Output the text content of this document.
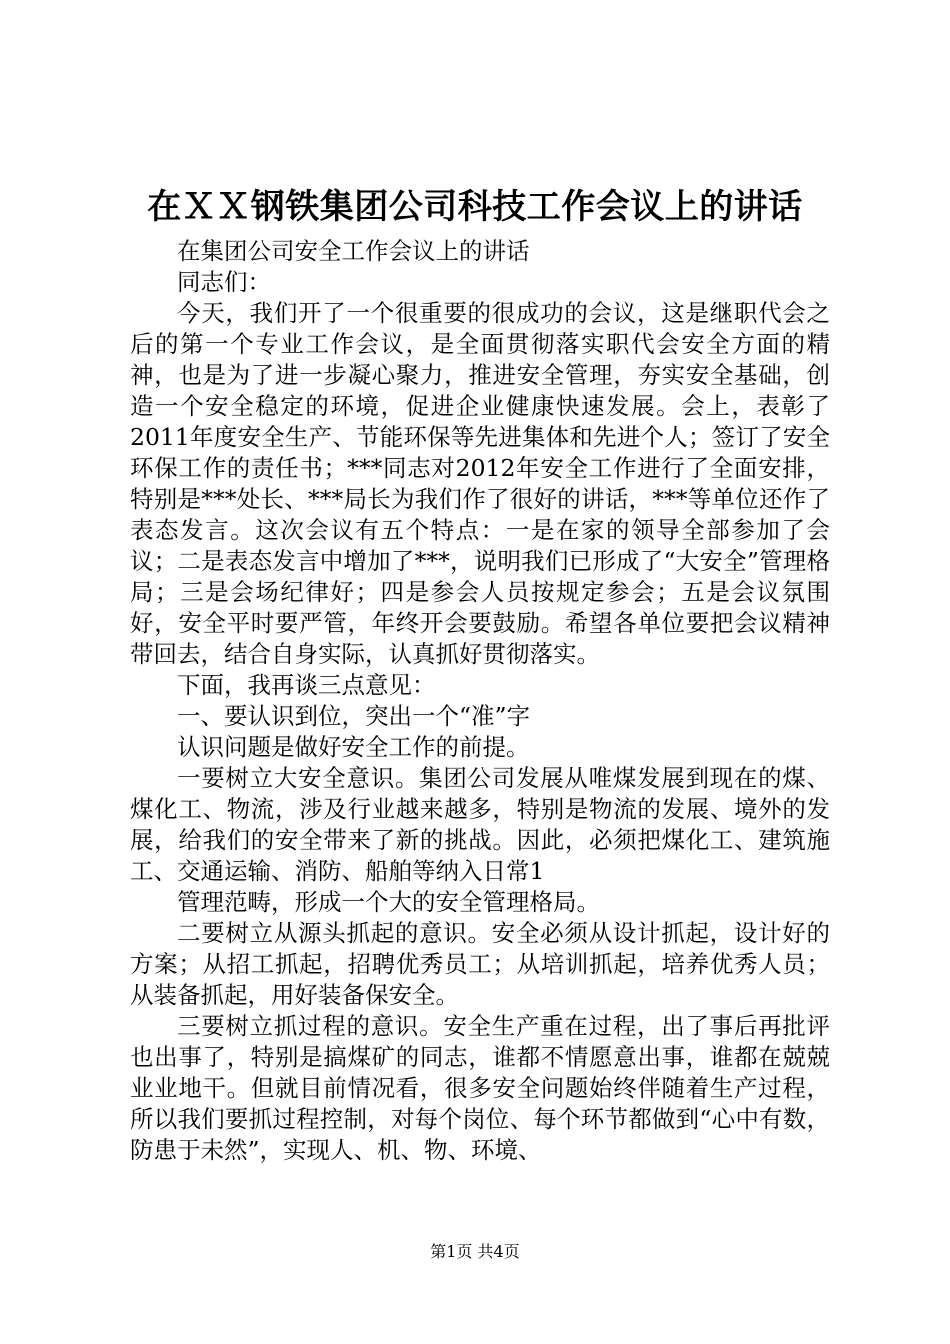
在ＸＸ钢铁集团公司科技工作会议上的讲话

在集团公司安全工作会议上的讲话

同志们：

今天，我们开了一个很重要的很成功的会议，这是继职代会之后的第一个专业工作会议，是全面贯彻落实职代会安全方面的精神，也是为了进一步凝心聚力，推进安全管理，夯实安全基础，创造一个安全稳定的环境，促进企业健康快速发展。会上，表彰了2011年度安全生产、节能环保等先进集体和先进个人；签订了安全环保工作的责任书；***同志对2012年安全工作进行了全面安排，特别是***处长、***局长为我们作了很好的讲话，***等单位还作了表态发言。这次会议有五个特点：一是在家的领导全部参加了会议；二是表态发言中增加了***，说明我们已形成了“大安全”管理格局；三是会场纪律好；四是参会人员按规定参会；五是会议氛围好，安全平时要严管，年终开会要鼓励。希望各单位要把会议精神带回去，结合自身实际，认真抓好贯彻落实。

下面，我再谈三点意见：

一、要认识到位，突出一个“准”字

认识问题是做好安全工作的前提。

一要树立大安全意识。集团公司发展从唯煤发展到现在的煤、煤化工、物流，涉及行业越来越多，特别是物流的发展、境外的发展，给我们的安全带来了新的挑战。因此，必须把煤化工、建筑施工、交通运输、消防、船舶等纳入日常1

管理范畴，形成一个大的安全管理格局。

二要树立从源头抓起的意识。安全必须从设计抓起，设计好的方案；从招工抓起，招聘优秀员工；从培训抓起，培养优秀人员；从装备抓起，用好装备保安全。

三要树立抓过程的意识。安全生产重在过程，出了事后再批评也出事了，特别是搞煤矿的同志，谁都不情愿意出事，谁都在兢兢业业地干。但就目前情况看，很多安全问题始终伴随着生产过程，所以我们要抓过程控制，对每个岗位、每个环节都做到“心中有数，防患于未然”，实现人、机、物、环境、

第1页 共4页
